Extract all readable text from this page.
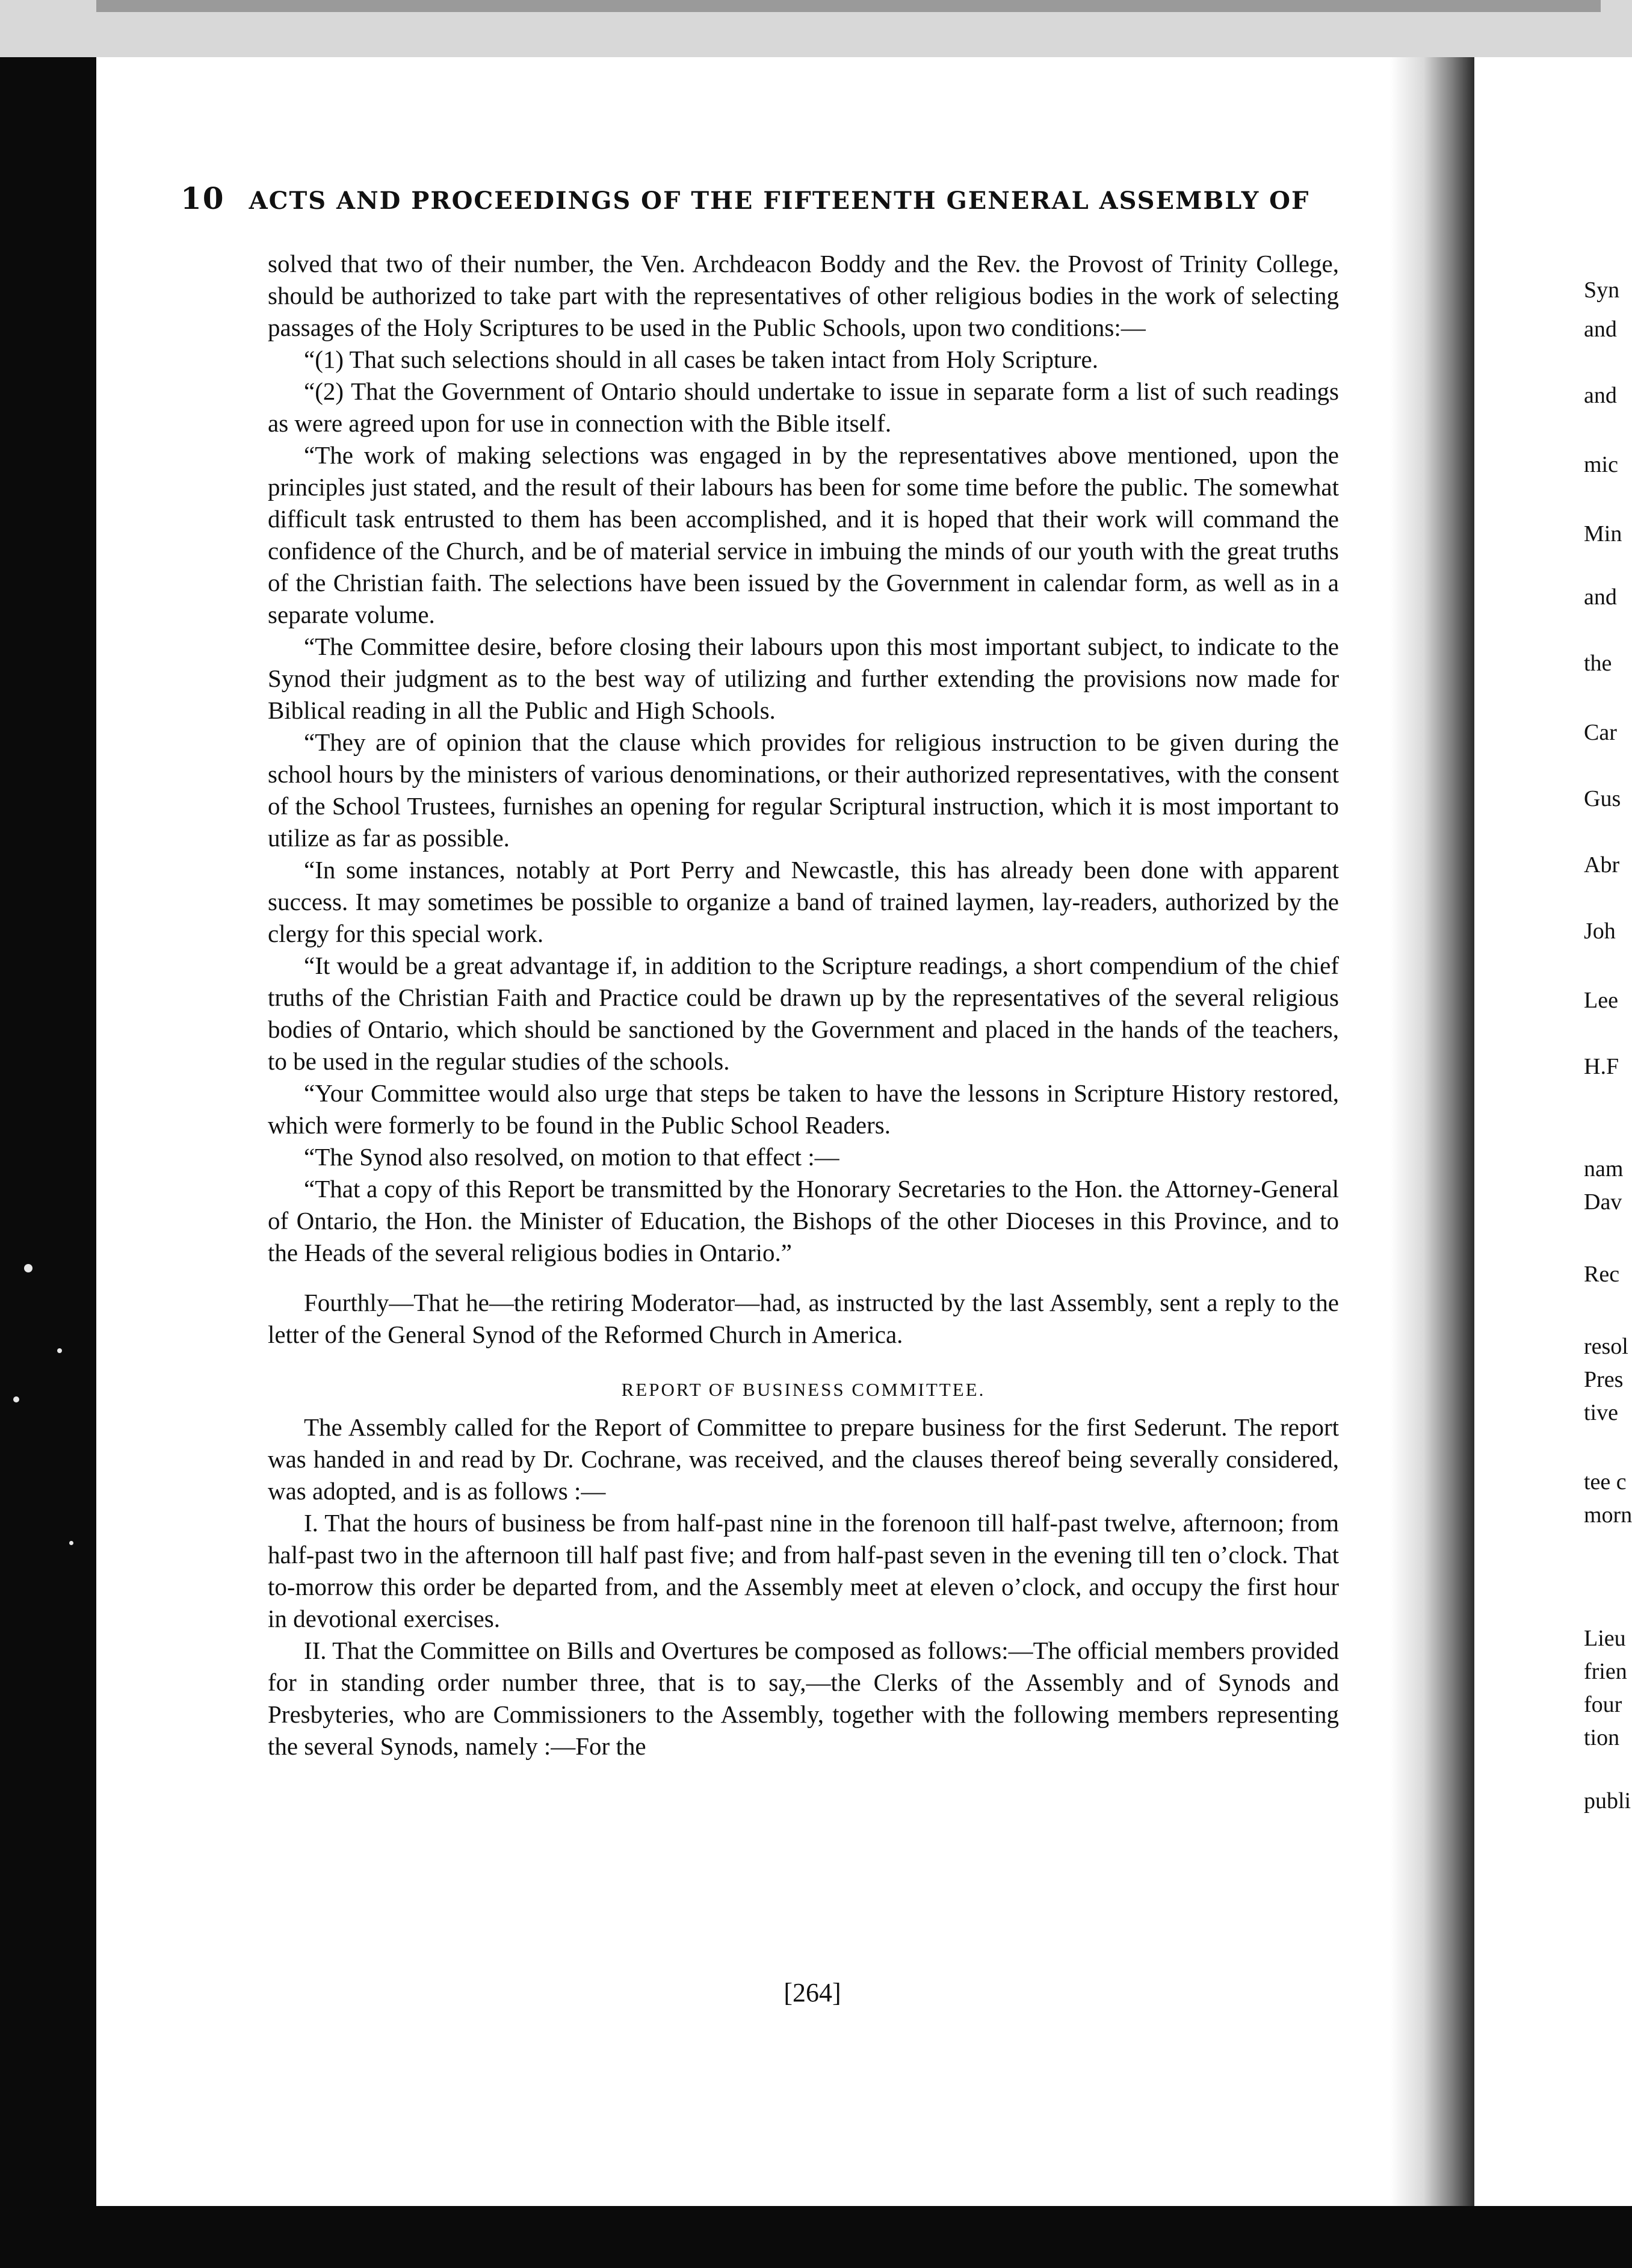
10 ACTS AND PROCEEDINGS OF THE FIFTEENTH GENERAL ASSEMBLY OF

solved that two of their number, the Ven. Archdeacon Boddy and the Rev. the Provost of Trinity College, should be authorized to take part with the representatives of other religious bodies in the work of selecting passages of the Holy Scriptures to be used in the Public Schools, upon two conditions:—

“(1) That such selections should in all cases be taken intact from Holy Scripture.

“(2) That the Government of Ontario should undertake to issue in separate form a list of such readings as were agreed upon for use in connection with the Bible itself.

“The work of making selections was engaged in by the representatives above mentioned, upon the principles just stated, and the result of their labours has been for some time before the public. The somewhat difficult task entrusted to them has been accomplished, and it is hoped that their work will command the confidence of the Church, and be of material service in imbuing the minds of our youth with the great truths of the Christian faith. The selections have been issued by the Government in calendar form, as well as in a separate volume.

“The Committee desire, before closing their labours upon this most important subject, to indicate to the Synod their judgment as to the best way of utilizing and further extending the provisions now made for Biblical reading in all the Public and High Schools.

“They are of opinion that the clause which provides for religious instruction to be given during the school hours by the ministers of various denominations, or their authorized representatives, with the consent of the School Trustees, furnishes an opening for regular Scriptural instruction, which it is most important to utilize as far as possible.

“In some instances, notably at Port Perry and Newcastle, this has already been done with apparent success. It may sometimes be possible to organize a band of trained laymen, lay-readers, authorized by the clergy for this special work.

“It would be a great advantage if, in addition to the Scripture readings, a short compendium of the chief truths of the Christian Faith and Practice could be drawn up by the representatives of the several religious bodies of Ontario, which should be sanctioned by the Government and placed in the hands of the teachers, to be used in the regular studies of the schools.

“Your Committee would also urge that steps be taken to have the lessons in Scripture History restored, which were formerly to be found in the Public School Readers.

“The Synod also resolved, on motion to that effect :—

“That a copy of this Report be transmitted by the Honorary Secretaries to the Hon. the Attorney-General of Ontario, the Hon. the Minister of Education, the Bishops of the other Dioceses in this Province, and to the Heads of the several religious bodies in Ontario.”

Fourthly—That he—the retiring Moderator—had, as instructed by the last Assembly, sent a reply to the letter of the General Synod of the Reformed Church in America.

REPORT OF BUSINESS COMMITTEE.

The Assembly called for the Report of Committee to prepare business for the first Sederunt. The report was handed in and read by Dr. Cochrane, was received, and the clauses thereof being severally considered, was adopted, and is as follows :—

I. That the hours of business be from half-past nine in the forenoon till half-past twelve, afternoon; from half-past two in the afternoon till half past five; and from half-past seven in the evening till ten o’clock. That to-morrow this order be departed from, and the Assembly meet at eleven o’clock, and occupy the first hour in devotional exercises.

II. That the Committee on Bills and Overtures be composed as follows:—The official members provided for in standing order number three, that is to say,—the Clerks of the Assembly and of Synods and Presbyteries, who are Commissioners to the Assembly, together with the following members representing the several Synods, namely :—For the

[264]
Syn
and
and
mic
Min
and
the
Car
Gus
Abr
Joh
Lee
H.F
nam
Dav
Rec
resol
Pres
tive
tee c
morn
Lieu
frien
four
tion
publi
